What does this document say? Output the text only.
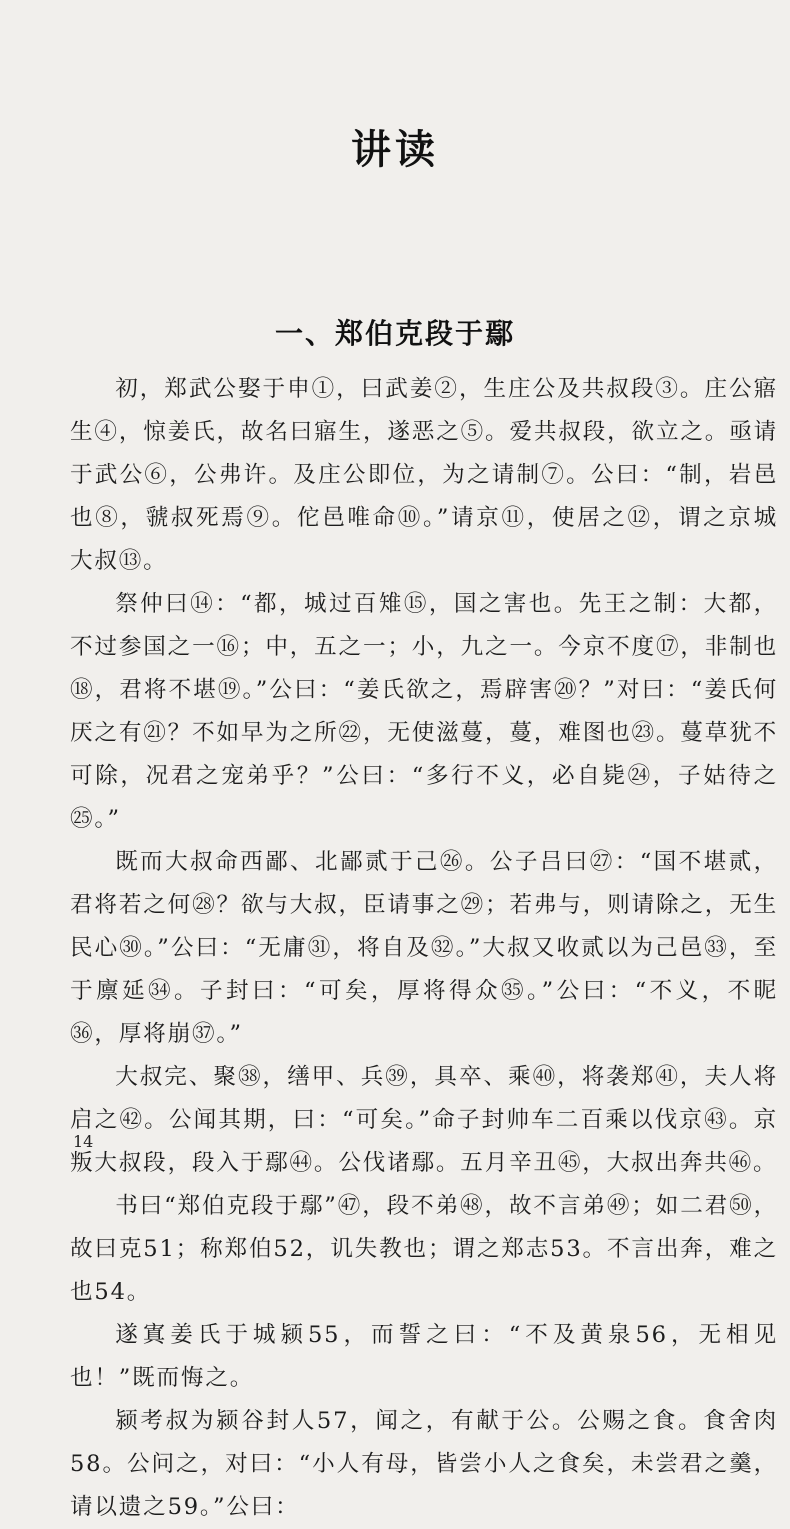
讲读
一、郑伯克段于鄢

初，郑武公娶于申①，曰武姜②，生庄公及共叔段③。庄公寤生④，惊姜氏，故名曰寤生，遂恶之⑤。爱共叔段，欲立之。亟请于武公⑥，公弗许。及庄公即位，为之请制⑦。公曰：“制，岩邑也⑧，虢叔死焉⑨。佗邑唯命⑩。”请京⑪，使居之⑫，谓之京城大叔⑬。

祭仲曰⑭：“都，城过百雉⑮，国之害也。先王之制：大都，不过参国之一⑯；中，五之一；小，九之一。今京不度⑰，非制也⑱，君将不堪⑲。”公曰：“姜氏欲之，焉辟害⑳？”对曰：“姜氏何厌之有㉑？不如早为之所㉒，无使滋蔓，蔓，难图也㉓。蔓草犹不可除，况君之宠弟乎？”公曰：“多行不义，必自毙㉔，子姑待之㉕。”

既而大叔命西鄙、北鄙贰于己㉖。公子吕曰㉗：“国不堪贰，君将若之何㉘？欲与大叔，臣请事之㉙；若弗与，则请除之，无生民心㉚。”公曰：“无庸㉛，将自及㉜。”大叔又收贰以为己邑㉝，至于廪延㉞。子封曰：“可矣，厚将得众㉟。”公曰：“不义，不昵㊱，厚将崩㊲。”

大叔完、聚㊳，缮甲、兵㊴，具卒、乘㊵，将袭郑㊶，夫人将启之㊷。公闻其期，曰：“可矣。”命子封帅车二百乘以伐京㊸。京叛大叔段，段入于鄢㊹。公伐诸鄢。五月辛丑㊺，大叔出奔共㊻。

书曰“郑伯克段于鄢”㊼，段不弟㊽，故不言弟㊾；如二君㊿，故曰克51；称郑伯52，讥失教也；谓之郑志53。不言出奔，难之也54。

遂寘姜氏于城颍55，而誓之曰：“不及黄泉56，无相见也！”既而悔之。

颍考叔为颍谷封人57，闻之，有献于公。公赐之食。食舍肉58。公问之，对曰：“小人有母，皆尝小人之食矣，未尝君之羹，请以遗之59。”公曰：

14
